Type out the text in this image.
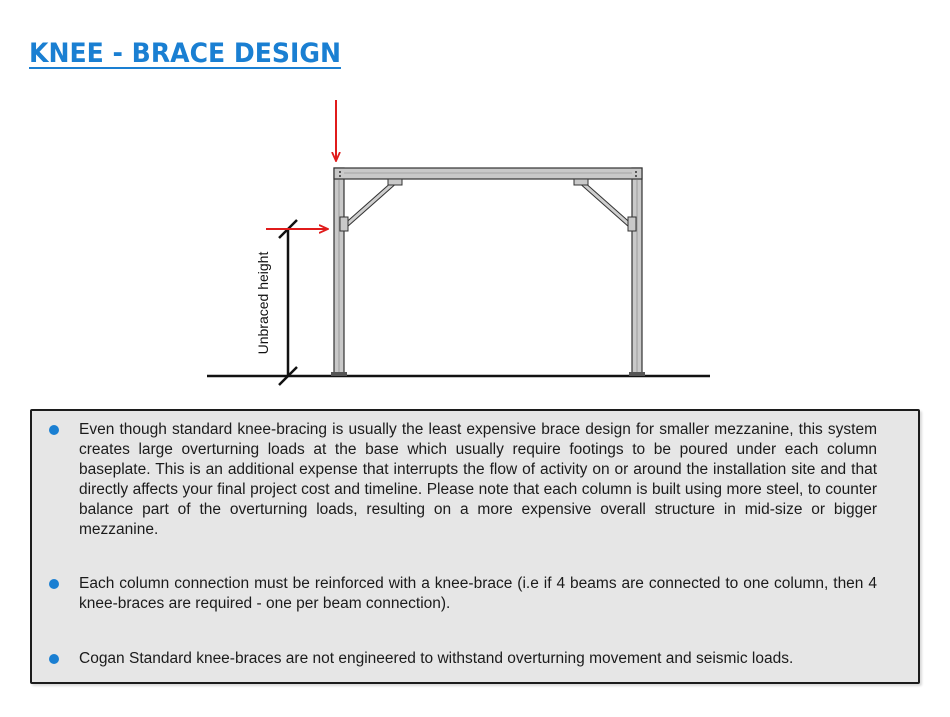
KNEE - BRACE DESIGN
Unbraced height
Even though standard knee-bracing is usually the least expensive brace design for smaller mezzanine, this system creates large overturning loads at the base which usually require footings to be poured under each column baseplate. This is an additional expense that interrupts the flow of activity on or around the installation site and that directly affects your final project cost and timeline. Please note that each column is built using more steel, to counter balance part of the overturning loads, resulting on a more expensive overall structure in mid-size or bigger mezzanine.
Each column connection must be reinforced with a knee-brace (i.e if 4 beams are connected to one column, then 4 knee-braces are required - one per beam connection).
Cogan Standard knee-braces are not engineered to withstand overturning movement and seismic loads.
